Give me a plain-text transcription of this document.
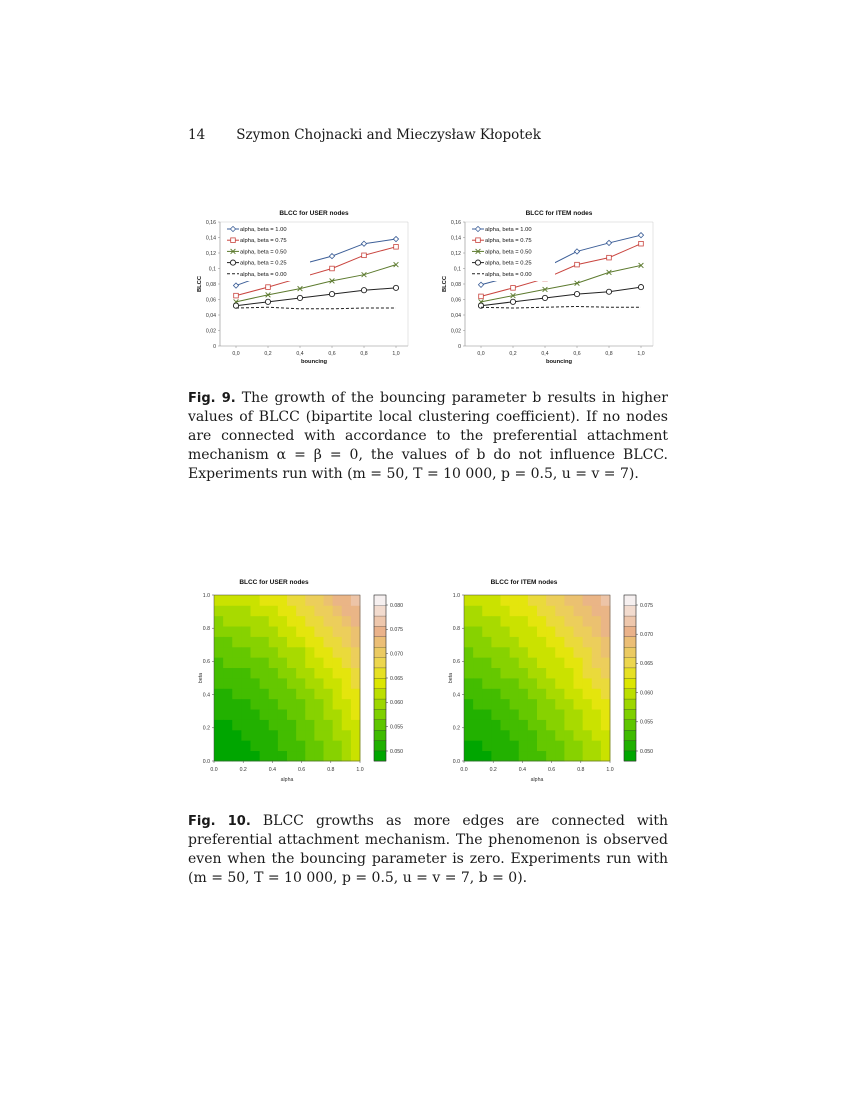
14 Szymon Chojnacki and Mieczysław Kłopotek
BLCC for USER nodes
0
0,02
0,04
0,06
0,08
0,1
0,12
0,14
0,16
0,0	0,2	0,4	0,6	0,8	1,0
bouncing
BLCC
alpha, beta = 1.00
alpha, beta = 0.75
alpha, beta = 0.50
alpha, beta = 0.25
alpha, beta = 0.00
BLCC for ITEM nodes
0
0,02
0,04
0,06
0,08
0,1
0,12
0,14
0,16
0,0	0,2	0,4	0,6	0,8	1,0
bouncing
BLCC
alpha, beta = 1.00
alpha, beta = 0.75
alpha, beta = 0.50
alpha, beta = 0.25
alpha, beta = 0.00
Fig. 9. The growth of the bouncing parameter b results in higher values of BLCC (bipartite local clustering coefficient). If no nodes are connected with accordance to the preferential attachment mechanism α = β = 0, the values of b do not influence BLCC. Experiments run with (m = 50, T = 10 000, p = 0.5, u = v = 7).
BLCC for USER nodes
0.0	0.2	0.4	0.6	0.8	1.0
0.0
0.2
0.4
0.6
0.8
1.0
alpha
beta
0.050
0.055
0.060
0.065
0.070
0.075
0.080
BLCC for ITEM nodes
0.0	0.2	0.4	0.6	0.8	1.0
0.0
0.2
0.4
0.6
0.8
1.0
alpha
beta
0.050
0.055
0.060
0.065
0.070
0.075
Fig. 10. BLCC growths as more edges are connected with preferential attachment mechanism. The phenomenon is observed even when the bouncing parameter is zero. Experiments run with (m = 50, T = 10 000, p = 0.5, u = v = 7, b = 0).
